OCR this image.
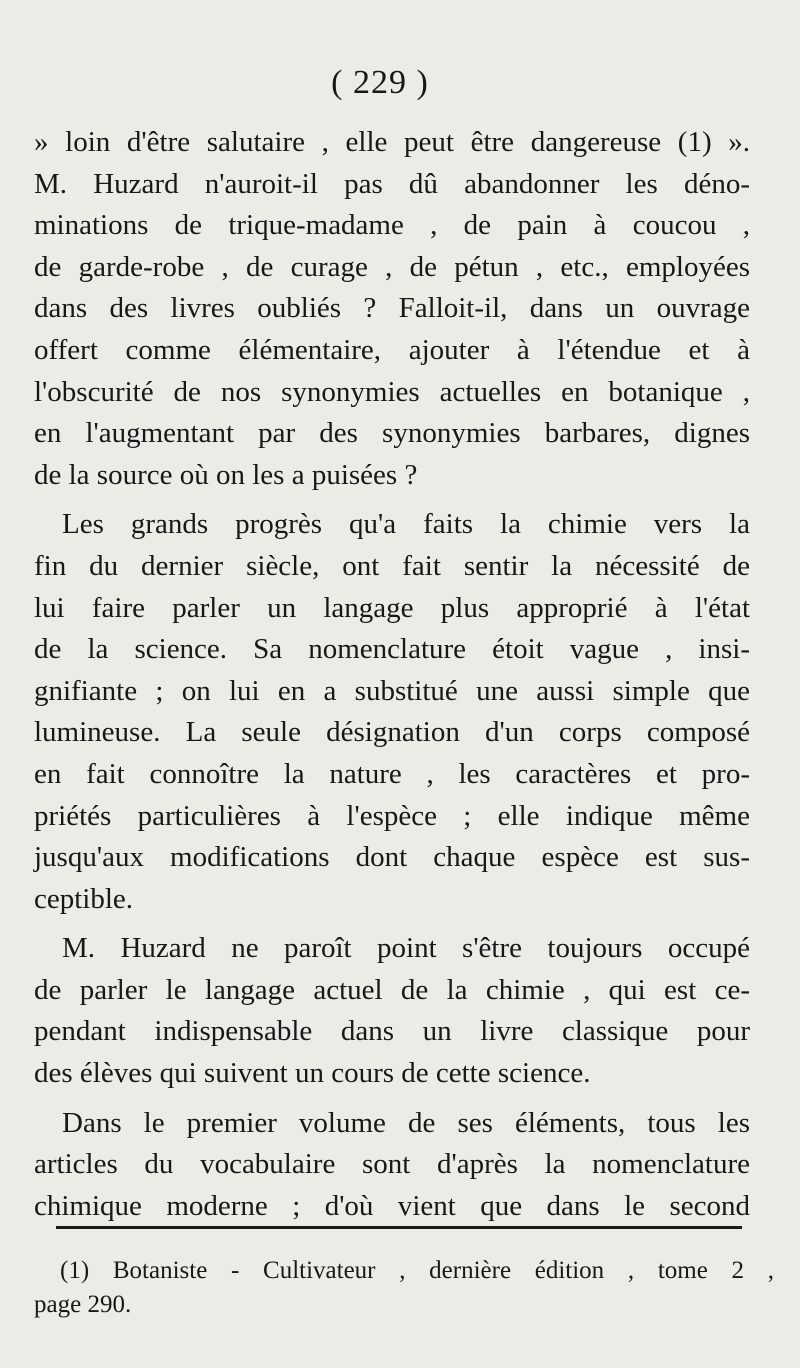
( 229 )
» loin d'être salutaire , elle peut être dangereuse (1) ».
M. Huzard n'auroit-il pas dû abandonner les déno-
minations de trique-madame , de pain à coucou ,
de garde-robe , de curage , de pétun , etc., employées
dans des livres oubliés ? Falloit-il, dans un ouvrage
offert comme élémentaire, ajouter à l'étendue et à
l'obscurité de nos synonymies actuelles en botanique ,
en l'augmentant par des synonymies barbares, dignes
de la source où on les a puisées ?
Les grands progrès qu'a faits la chimie vers la
fin du dernier siècle, ont fait sentir la nécessité de
lui faire parler un langage plus approprié à l'état
de la science. Sa nomenclature étoit vague , insi-
gnifiante ; on lui en a substitué une aussi simple que
lumineuse. La seule désignation d'un corps composé
en fait connoître la nature , les caractères et pro-
priétés particulières à l'espèce ; elle indique même
jusqu'aux modifications dont chaque espèce est sus-
ceptible.
M. Huzard ne paroît point s'être toujours occupé
de parler le langage actuel de la chimie , qui est ce-
pendant indispensable dans un livre classique pour
des élèves qui suivent un cours de cette science.
Dans le premier volume de ses éléments, tous les
articles du vocabulaire sont d'après la nomenclature
chimique moderne ; d'où vient que dans le second
(1) Botaniste - Cultivateur , dernière édition , tome 2 ,
page 290.
